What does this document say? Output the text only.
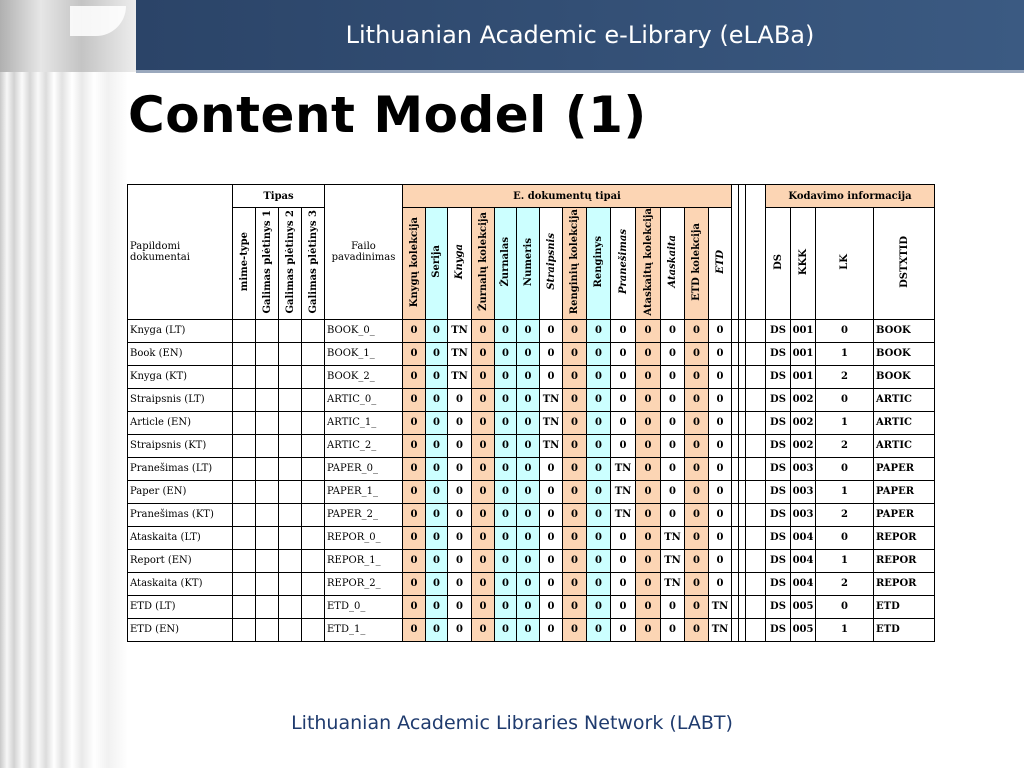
Lithuanian Academic e-Library (eLABa)
Content Model (1)
Papildomi dokumentai	Tipas				Failo pavadinimas	E. dokumentų tipai																	Kodavimo informacija			
	mime-type	Galimas plėtinys 1	Galimas plėtinys 2	Galimas plėtinys 3		Knygų kolekcija	Serija	Knyga	Žurnalų kolekcija	Žurnalas	Numeris	Straipsnis	Renginių kolekcija	Renginys	Pranešimas	Ataskaitų kolekcija	Ataskaita	ETD kolekcija	ETD				DS	KKK	LK	DSTXTID
Knyga (LT)					BOOK_0_	0	0	TN	0	0	0	0	0	0	0	0	0	0	0				DS	001	0	BOOK
Book (EN)					BOOK_1_	0	0	TN	0	0	0	0	0	0	0	0	0	0	0				DS	001	1	BOOK
Knyga (KT)					BOOK_2_	0	0	TN	0	0	0	0	0	0	0	0	0	0	0				DS	001	2	BOOK
Straipsnis (LT)					ARTIC_0_	0	0	0	0	0	0	TN	0	0	0	0	0	0	0				DS	002	0	ARTIC
Article (EN)					ARTIC_1_	0	0	0	0	0	0	TN	0	0	0	0	0	0	0				DS	002	1	ARTIC
Straipsnis (KT)					ARTIC_2_	0	0	0	0	0	0	TN	0	0	0	0	0	0	0				DS	002	2	ARTIC
Pranešimas (LT)					PAPER_0_	0	0	0	0	0	0	0	0	0	TN	0	0	0	0				DS	003	0	PAPER
Paper (EN)					PAPER_1_	0	0	0	0	0	0	0	0	0	TN	0	0	0	0				DS	003	1	PAPER
Pranešimas (KT)					PAPER_2_	0	0	0	0	0	0	0	0	0	TN	0	0	0	0				DS	003	2	PAPER
Ataskaita (LT)					REPOR_0_	0	0	0	0	0	0	0	0	0	0	0	TN	0	0				DS	004	0	REPOR
Report (EN)					REPOR_1_	0	0	0	0	0	0	0	0	0	0	0	TN	0	0				DS	004	1	REPOR
Ataskaita (KT)					REPOR_2_	0	0	0	0	0	0	0	0	0	0	0	TN	0	0				DS	004	2	REPOR
ETD (LT)					ETD_0_	0	0	0	0	0	0	0	0	0	0	0	0	0	TN				DS	005	0	ETD
ETD (EN)					ETD_1_	0	0	0	0	0	0	0	0	0	0	0	0	0	TN				DS	005	1	ETD
Lithuanian Academic Libraries Network (LABT)
